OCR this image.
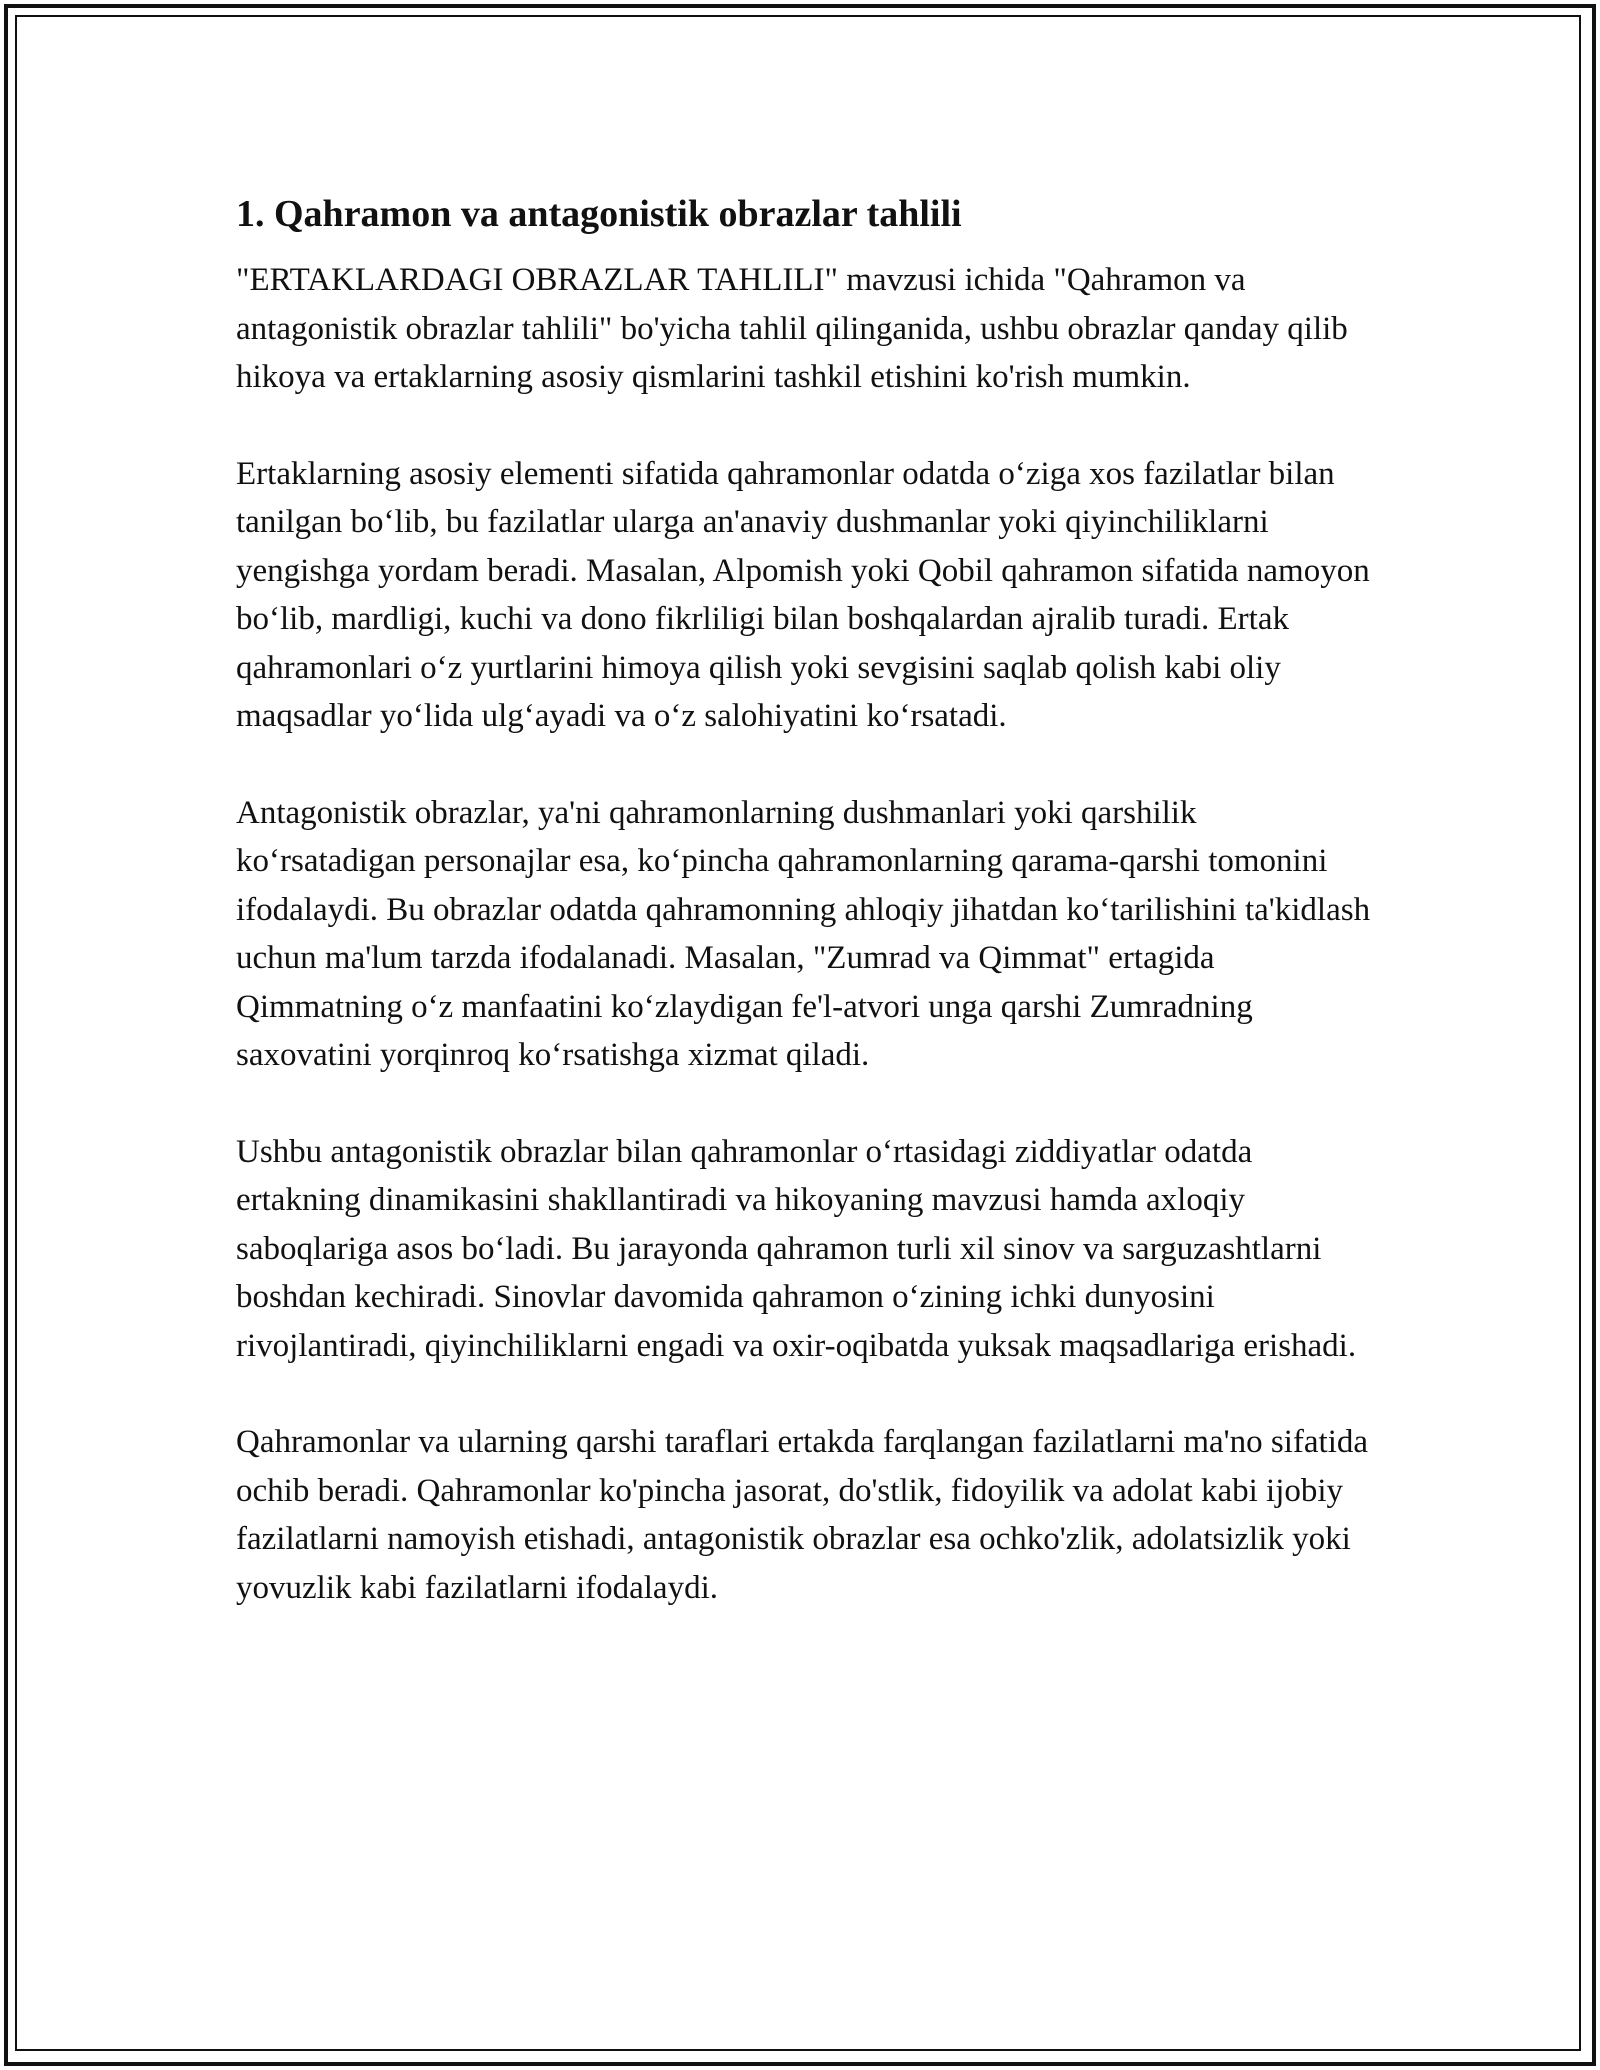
1. Qahramon va antagonistik obrazlar tahlili

"ERTAKLARDAGI OBRAZLAR TAHLILI" mavzusi ichida "Qahramon va antagonistik obrazlar tahlili" bo'yicha tahlil qilinganida, ushbu obrazlar qanday qilib hikoya va ertaklarning asosiy qismlarini tashkil etishini ko'rish mumkin.

Ertaklarning asosiy elementi sifatida qahramonlar odatda o‘ziga xos fazilatlar bilan tanilgan bo‘lib, bu fazilatlar ularga an'anaviy dushmanlar yoki qiyinchiliklarni yengishga yordam beradi. Masalan, Alpomish yoki Qobil qahramon sifatida namoyon bo‘lib, mardligi, kuchi va dono fikrliligi bilan boshqalardan ajralib turadi. Ertak qahramonlari o‘z yurtlarini himoya qilish yoki sevgisini saqlab qolish kabi oliy maqsadlar yo‘lida ulg‘ayadi va o‘z salohiyatini ko‘rsatadi.

Antagonistik obrazlar, ya'ni qahramonlarning dushmanlari yoki qarshilik ko‘rsatadigan personajlar esa, ko‘pincha qahramonlarning qarama-qarshi tomonini ifodalaydi. Bu obrazlar odatda qahramonning ahloqiy jihatdan ko‘tarilishini ta'kidlash uchun ma'lum tarzda ifodalanadi. Masalan, "Zumrad va Qimmat" ertagida Qimmatning o‘z manfaatini ko‘zlaydigan fe'l-atvori unga qarshi Zumradning saxovatini yorqinroq ko‘rsatishga xizmat qiladi.

Ushbu antagonistik obrazlar bilan qahramonlar o‘rtasidagi ziddiyatlar odatda ertakning dinamikasini shakllantiradi va hikoyaning mavzusi hamda axloqiy saboqlariga asos bo‘ladi. Bu jarayonda qahramon turli xil sinov va sarguzashtlarni boshdan kechiradi. Sinovlar davomida qahramon o‘zining ichki dunyosini rivojlantiradi, qiyinchiliklarni engadi va oxir-oqibatda yuksak maqsadlariga erishadi.

Qahramonlar va ularning qarshi taraflari ertakda farqlangan fazilatlarni ma'no sifatida ochib beradi. Qahramonlar ko'pincha jasorat, do'stlik, fidoyilik va adolat kabi ijobiy fazilatlarni namoyish etishadi, antagonistik obrazlar esa ochko'zlik, adolatsizlik yoki yovuzlik kabi fazilatlarni ifodalaydi.
